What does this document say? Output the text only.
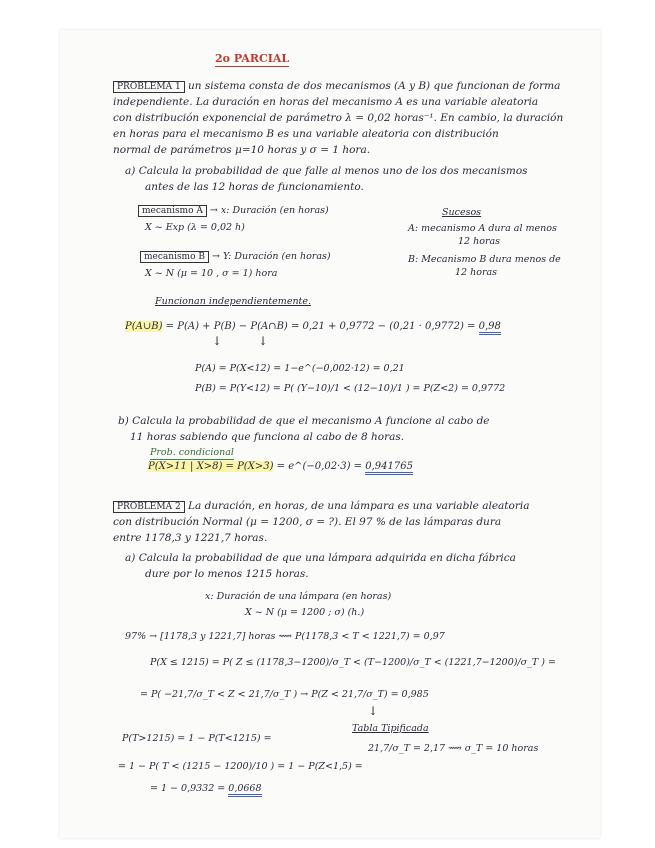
2o PARCIAL
PROBLEMA 1 un sistema consta de dos mecanismos (A y B) que funcionan de forma
independiente. La duración en horas del mecanismo A es una variable aleatoria
con distribución exponencial de parámetro λ = 0,02 horas⁻¹. En cambio, la duración
en horas para el mecanismo B es una variable aleatoria con distribución
normal de parámetros μ=10 horas y σ = 1 hora.
a) Calcula la probabilidad de que falle al menos uno de los dos mecanismos
antes de las 12 horas de funcionamiento.
mecanismo A → x: Duración (en horas)
X ~ Exp (λ = 0,02 h)
mecanismo B → Y: Duración (en horas)
X ~ N (μ = 10 , σ = 1) hora
Sucesos
A: mecanismo A dura al menos
12 horas
B: Mecanismo B dura menos de
12 horas
Funcionan independientemente.
P(A∪B) = P(A) + P(B) − P(A∩B) = 0,21 + 0,9772 − (0,21 · 0,9772) = 0,98
↓	↓
P(A) = P(X<12) = 1−e^(−0,002·12) = 0,21
P(B) = P(Y<12) = P( (Y−10)/1 < (12−10)/1 ) = P(Z<2) = 0,9772
b) Calcula la probabilidad de que el mecanismo A funcione al cabo de
11 horas sabiendo que funciona al cabo de 8 horas.
Prob. condicional
P(X>11 | X>8) = P(X>3) = e^(−0,02·3) = 0,941765
PROBLEMA 2 La duración, en horas, de una lámpara es una variable aleatoria
con distribución Normal (μ = 1200, σ = ?). El 97 % de las lámparas dura
entre 1178,3 y 1221,7 horas.
a) Calcula la probabilidad de que una lámpara adquirida en dicha fábrica
dure por lo menos 1215 horas.
x: Duración de una lámpara (en horas)
X ~ N (μ = 1200 ; σ) (h.)
97% → [1178,3 y 1221,7] horas ⟿ P(1178,3 < T < 1221,7) = 0,97
P(X ≤ 1215) = P( Z ≤ (1178,3−1200)/σ_T < (T−1200)/σ_T < (1221,7−1200)/σ_T ) =
= P( −21,7/σ_T < Z < 21,7/σ_T ) → P(Z < 21,7/σ_T) = 0,985
↓
Tabla Tipificada
P(T>1215) = 1 − P(T<1215) =
21,7/σ_T = 2,17 ⟿ σ_T = 10 horas
= 1 − P( T < (1215 − 1200)/10 ) = 1 − P(Z<1,5) =
= 1 − 0,9332 = 0,0668
